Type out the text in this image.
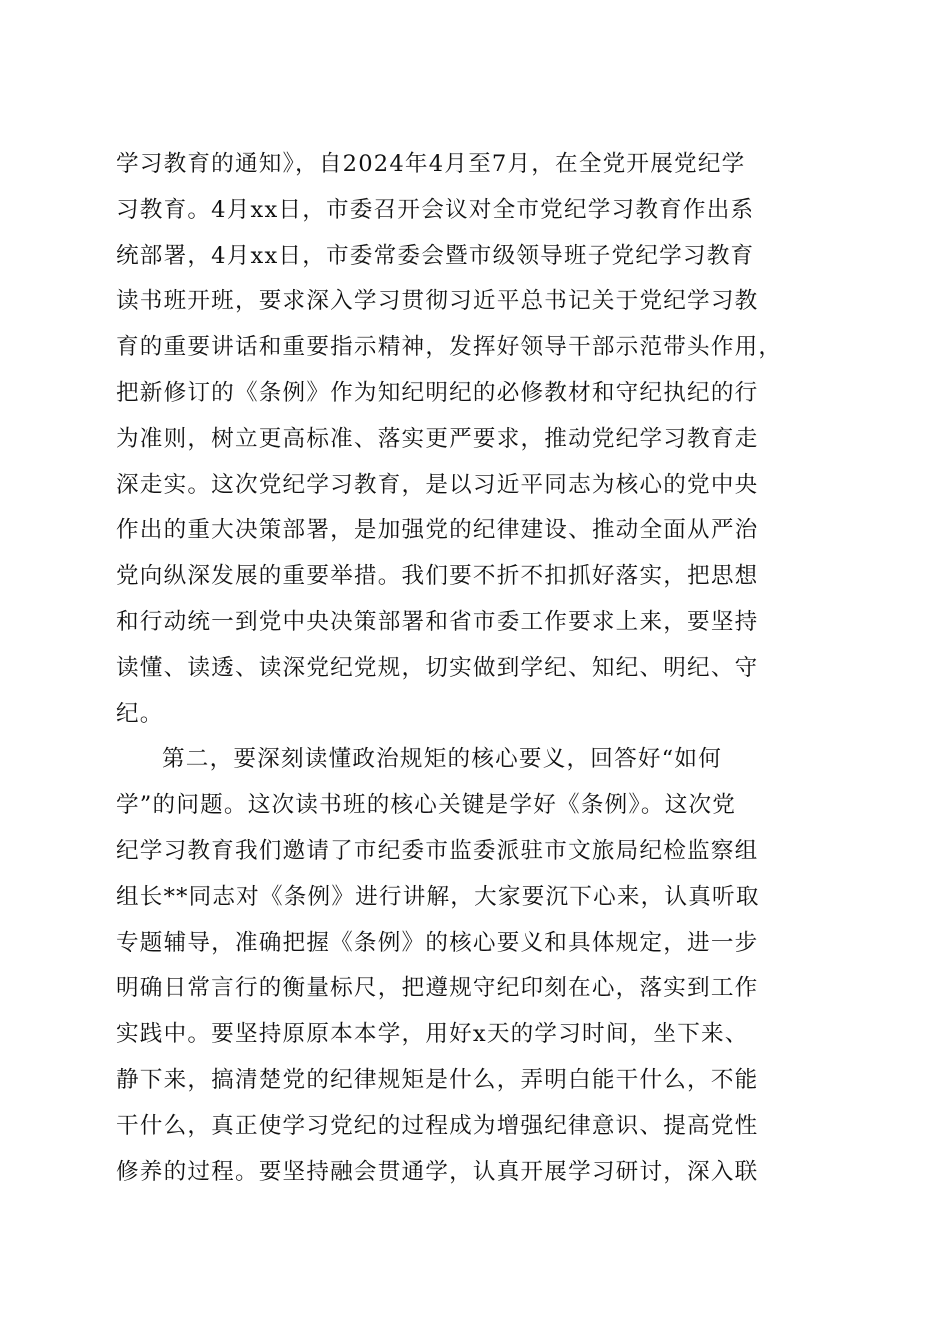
学习教育的通知》，自2024年4月至7月，在全党开展党纪学
习教育。4月xx日，市委召开会议对全市党纪学习教育作出系
统部署，4月xx日，市委常委会暨市级领导班子党纪学习教育
读书班开班，要求深入学习贯彻习近平总书记关于党纪学习教
育的重要讲话和重要指示精神，发挥好领导干部示范带头作用，
把新修订的《条例》作为知纪明纪的必修教材和守纪执纪的行
为准则，树立更高标准、落实更严要求，推动党纪学习教育走
深走实。这次党纪学习教育，是以习近平同志为核心的党中央
作出的重大决策部署，是加强党的纪律建设、推动全面从严治
党向纵深发展的重要举措。我们要不折不扣抓好落实，把思想
和行动统一到党中央决策部署和省市委工作要求上来，要坚持
读懂、读透、读深党纪党规，切实做到学纪、知纪、明纪、守
纪。
第二，要深刻读懂政治规矩的核心要义，回答好“如何
学”的问题。这次读书班的核心关键是学好《条例》。这次党
纪学习教育我们邀请了市纪委市监委派驻市文旅局纪检监察组
组长**同志对《条例》进行讲解，大家要沉下心来，认真听取
专题辅导，准确把握《条例》的核心要义和具体规定，进一步
明确日常言行的衡量标尺，把遵规守纪印刻在心，落实到工作
实践中。要坚持原原本本学，用好x天的学习时间，坐下来、
静下来，搞清楚党的纪律规矩是什么，弄明白能干什么，不能
干什么，真正使学习党纪的过程成为增强纪律意识、提高党性
修养的过程。要坚持融会贯通学，认真开展学习研讨，深入联
